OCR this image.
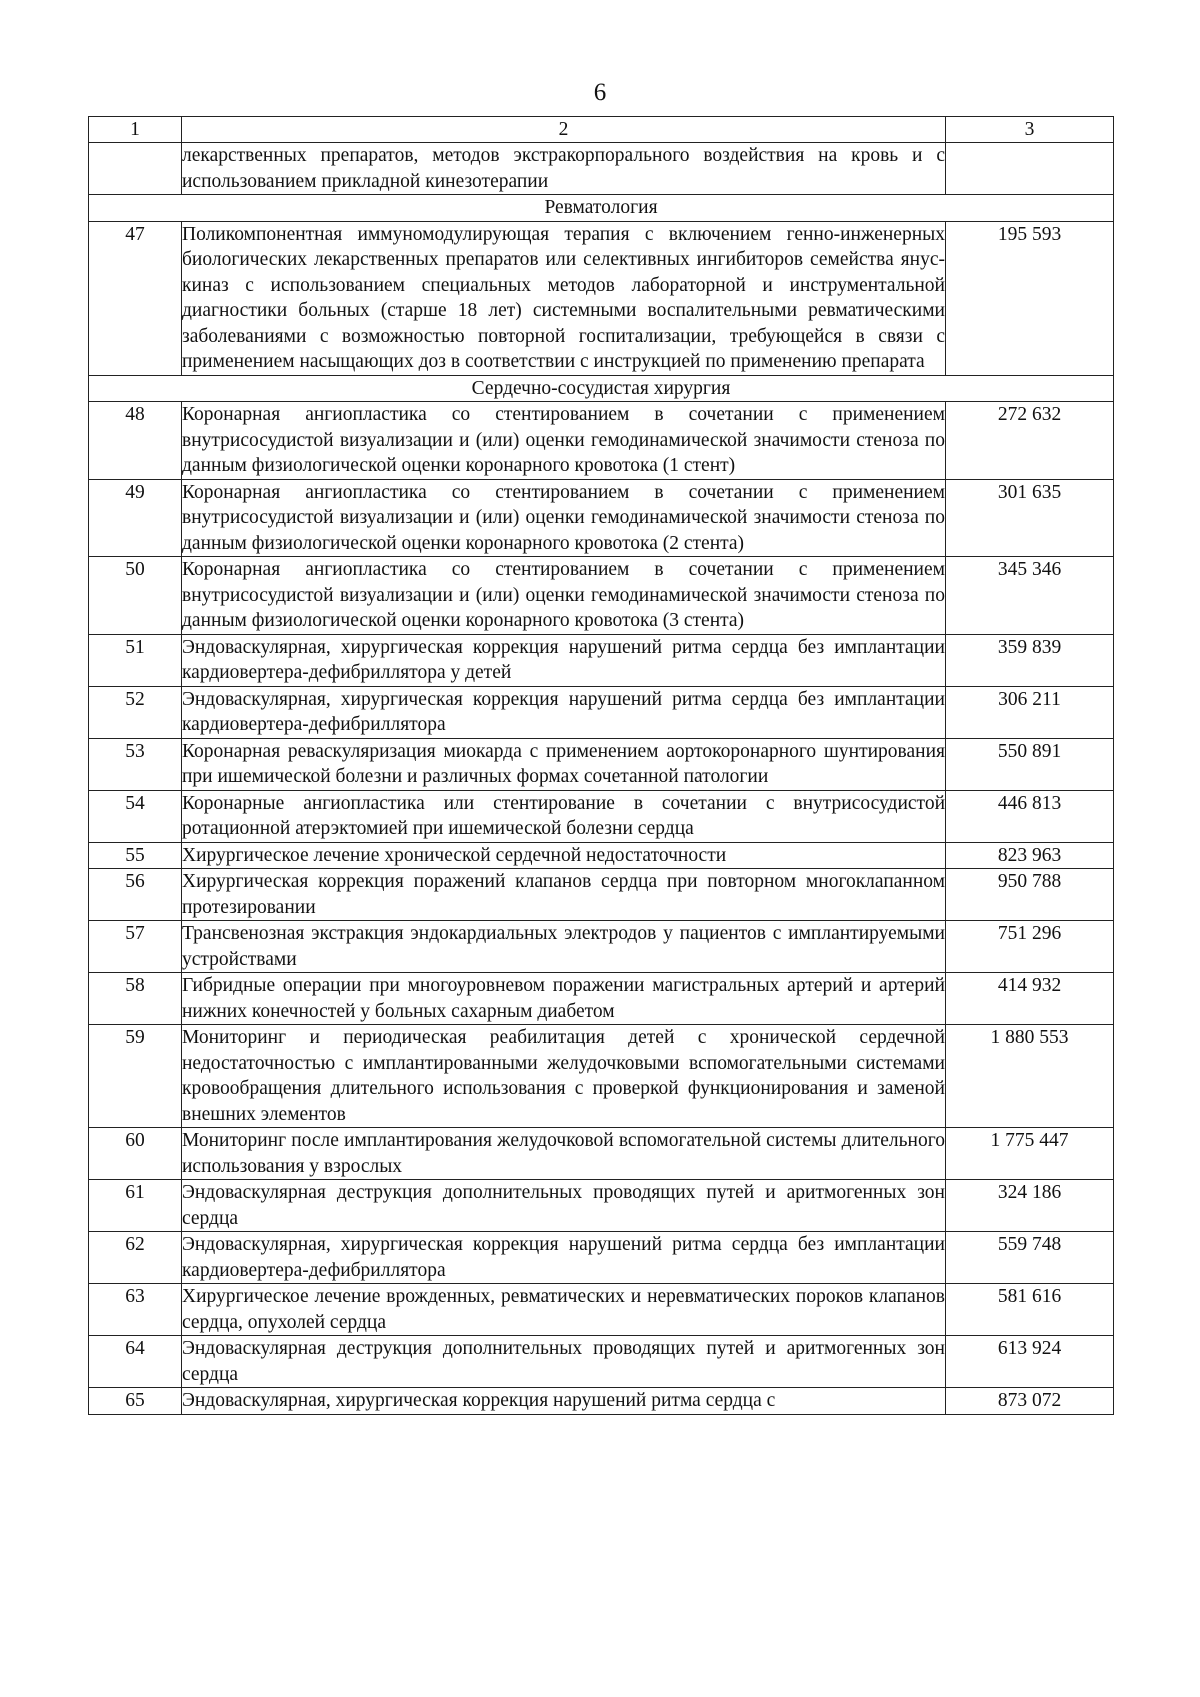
6
1	2	3
	лекарственных препаратов, методов экстракорпорального воздействия на кровь и с использованием прикладной кинезотерапии	
Ревматология		
47	Поликомпонентная иммуномодулирующая терапия с включением генно-инженерных биологических лекарственных препаратов или селективных ингибиторов семейства янус-киназ с использованием специальных методов лабораторной и инструментальной диагностики больных (старше 18 лет) системными воспалительными ревматическими заболеваниями с возможностью повторной госпитализации, требующейся в связи с применением насыщающих доз в соответствии с инструкцией по применению препарата	195 593
Сердечно-сосудистая хирургия		
48	Коронарная ангиопластика со стентированием в сочетании с применением внутрисосудистой визуализации и (или) оценки гемодинамической значимости стеноза по данным физиологической оценки коронарного кровотока (1 стент)	272 632
49	Коронарная ангиопластика со стентированием в сочетании с применением внутрисосудистой визуализации и (или) оценки гемодинамической значимости стеноза по данным физиологической оценки коронарного кровотока (2 стента)	301 635
50	Коронарная ангиопластика со стентированием в сочетании с применением внутрисосудистой визуализации и (или) оценки гемодинамической значимости стеноза по данным физиологической оценки коронарного кровотока (3 стента)	345 346
51	Эндоваскулярная, хирургическая коррекция нарушений ритма сердца без имплантации кардиовертера-дефибриллятора у детей	359 839
52	Эндоваскулярная, хирургическая коррекция нарушений ритма сердца без имплантации кардиовертера-дефибриллятора	306 211
53	Коронарная реваскуляризация миокарда с применением аортокоронарного шунтирования при ишемической болезни и различных формах сочетанной патологии	550 891
54	Коронарные ангиопластика или стентирование в сочетании с внутрисосудистой ротационной атерэктомией при ишемической болезни сердца	446 813
55	Хирургическое лечение хронической сердечной недостаточности	823 963
56	Хирургическая коррекция поражений клапанов сердца при повторном многоклапанном протезировании	950 788
57	Трансвенозная экстракция эндокардиальных электродов у пациентов с имплантируемыми устройствами	751 296
58	Гибридные операции при многоуровневом поражении магистральных артерий и артерий нижних конечностей у больных сахарным диабетом	414 932
59	Мониторинг и периодическая реабилитация детей с хронической сердечной недостаточностью с имплантированными желудочковыми вспомогательными системами кровообращения длительного использования с проверкой функционирования и заменой внешних элементов	1 880 553
60	Мониторинг после имплантирования желудочковой вспомогательной системы длительного использования у взрослых	1 775 447
61	Эндоваскулярная деструкция дополнительных проводящих путей и аритмогенных зон сердца	324 186
62	Эндоваскулярная, хирургическая коррекция нарушений ритма сердца без имплантации кардиовертера-дефибриллятора	559 748
63	Хирургическое лечение врожденных, ревматических и неревматических пороков клапанов сердца, опухолей сердца	581 616
64	Эндоваскулярная деструкция дополнительных проводящих путей и аритмогенных зон сердца	613 924
65	Эндоваскулярная, хирургическая коррекция нарушений ритма сердца с	873 072
